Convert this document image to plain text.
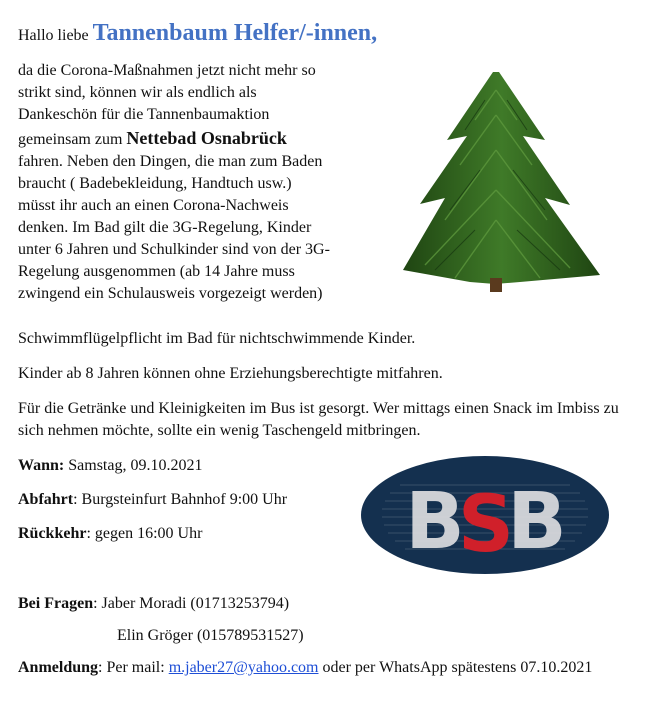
Hallo liebe Tannenbaum Helfer/-innen,
da die Corona-Maßnahmen jetzt nicht mehr so
strikt sind, können wir als endlich als
Dankeschön für die Tannenbaumaktion
gemeinsam zum Nettebad Osnabrück
fahren. Neben den Dingen, die man zum Baden
braucht ( Badebekleidung, Handtuch usw.)
müsst ihr auch an einen Corona-Nachweis
denken. Im Bad gilt die 3G-Regelung, Kinder
unter 6 Jahren und Schulkinder sind von der 3G-
Regelung ausgenommen (ab 14 Jahre muss
zwingend ein Schulausweis vorgezeigt werden)
Schwimmflügelpflicht im Bad für nichtschwimmende Kinder.
Kinder ab 8 Jahren können ohne Erziehungsberechtigte mitfahren.
Für die Getränke und Kleinigkeiten im Bus ist gesorgt. Wer mittags einen Snack im Imbiss zu sich nehmen möchte, sollte ein wenig Taschengeld mitbringen.
Wann: Samstag, 09.10.2021
Abfahrt: Burgsteinfurt Bahnhof 9:00 Uhr
Rückkehr: gegen 16:00 Uhr	B
S
B
Bei Fragen: Jaber Moradi (01713253794)
Elin Gröger (015789531527)
Anmeldung: Per mail: m.jaber27@yahoo.com oder per WhatsApp spätestens 07.10.2021
